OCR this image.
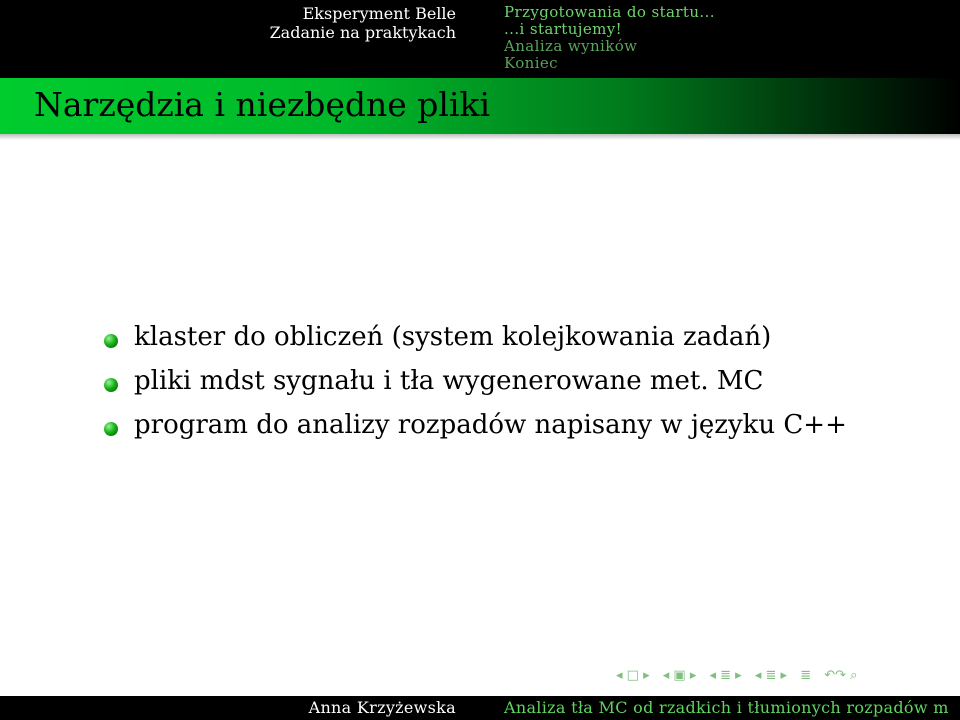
Eksperyment Belle
Zadanie na praktykach
Przygotowania do startu...
...i startujemy!
Analiza wyników
Koniec
Narzędzia i niezbędne pliki
klaster do obliczeń (system kolejkowania zadań)
pliki mdst sygnału i tła wygenerowane met. MC
program do analizy rozpadów napisany w języku C++
◂ □ ▸ ◂ ▣ ▸ ◂ ≣ ▸ ◂ ≣ ▸ ≣ ↶↷ ⌕
Anna Krzyżewska	Analiza tła MC od rzadkich i tłumionych rozpadów m
